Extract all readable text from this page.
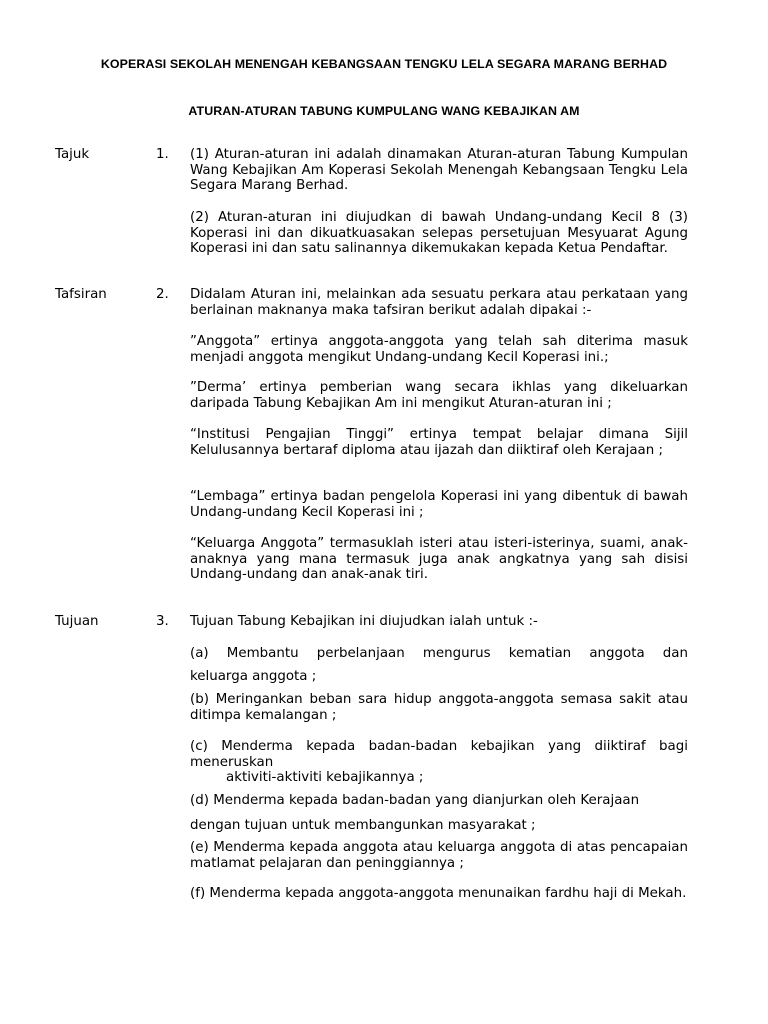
KOPERASI SEKOLAH MENENGAH KEBANGSAAN TENGKU LELA SEGARA MARANG BERHAD
ATURAN-ATURAN TABUNG KUMPULANG WANG KEBAJIKAN AM
Tajuk	1. (1) Aturan-aturan ini adalah dinamakan Aturan-aturan Tabung Kumpulan Wang Kebajikan Am Koperasi Sekolah Menengah Kebangsaan Tengku Lela Segara Marang Berhad.
(2) Aturan-aturan ini diujudkan di bawah Undang-undang Kecil 8 (3) Koperasi ini dan dikuatkuasakan selepas persetujuan Mesyuarat Agung Koperasi ini dan satu salinannya dikemukakan kepada Ketua Pendaftar.
Tafsiran	2. Didalam Aturan ini, melainkan ada sesuatu perkara atau perkataan yang berlainan maknanya maka tafsiran berikut adalah dipakai :-
”Anggota” ertinya anggota-anggota yang telah sah diterima masuk menjadi anggota mengikut Undang-undang Kecil Koperasi ini.;
”Derma’ ertinya pemberian wang secara ikhlas yang dikeluarkan daripada Tabung Kebajikan Am ini mengikut Aturan-aturan ini ;
“Institusi Pengajian Tinggi” ertinya tempat belajar dimana Sijil Kelulusannya bertaraf diploma atau ijazah dan diiktiraf oleh Kerajaan ;
“Lembaga” ertinya badan pengelola Koperasi ini yang dibentuk di bawah Undang-undang Kecil Koperasi ini ;
“Keluarga Anggota” termasuklah isteri atau isteri-isterinya, suami, anak-anaknya yang mana termasuk juga anak angkatnya yang sah disisi Undang-undang dan anak-anak tiri.
Tujuan	3. Tujuan Tabung Kebajikan ini diujudkan ialah untuk :-
(a) Membantu perbelanjaan mengurus kematian anggota dan
keluarga anggota ;
(b) Meringankan beban sara hidup anggota-anggota semasa sakit atau ditimpa kemalangan ;
(c) Menderma kepada badan-badan kebajikan yang diiktiraf bagi meneruskan
aktiviti-aktiviti kebajikannya ;
(d) Menderma kepada badan-badan yang dianjurkan oleh Kerajaan
dengan tujuan untuk membangunkan masyarakat ;
(e) Menderma kepada anggota atau keluarga anggota di atas pencapaian matlamat pelajaran dan peninggiannya ;
(f) Menderma kepada anggota-anggota menunaikan fardhu haji di Mekah.
